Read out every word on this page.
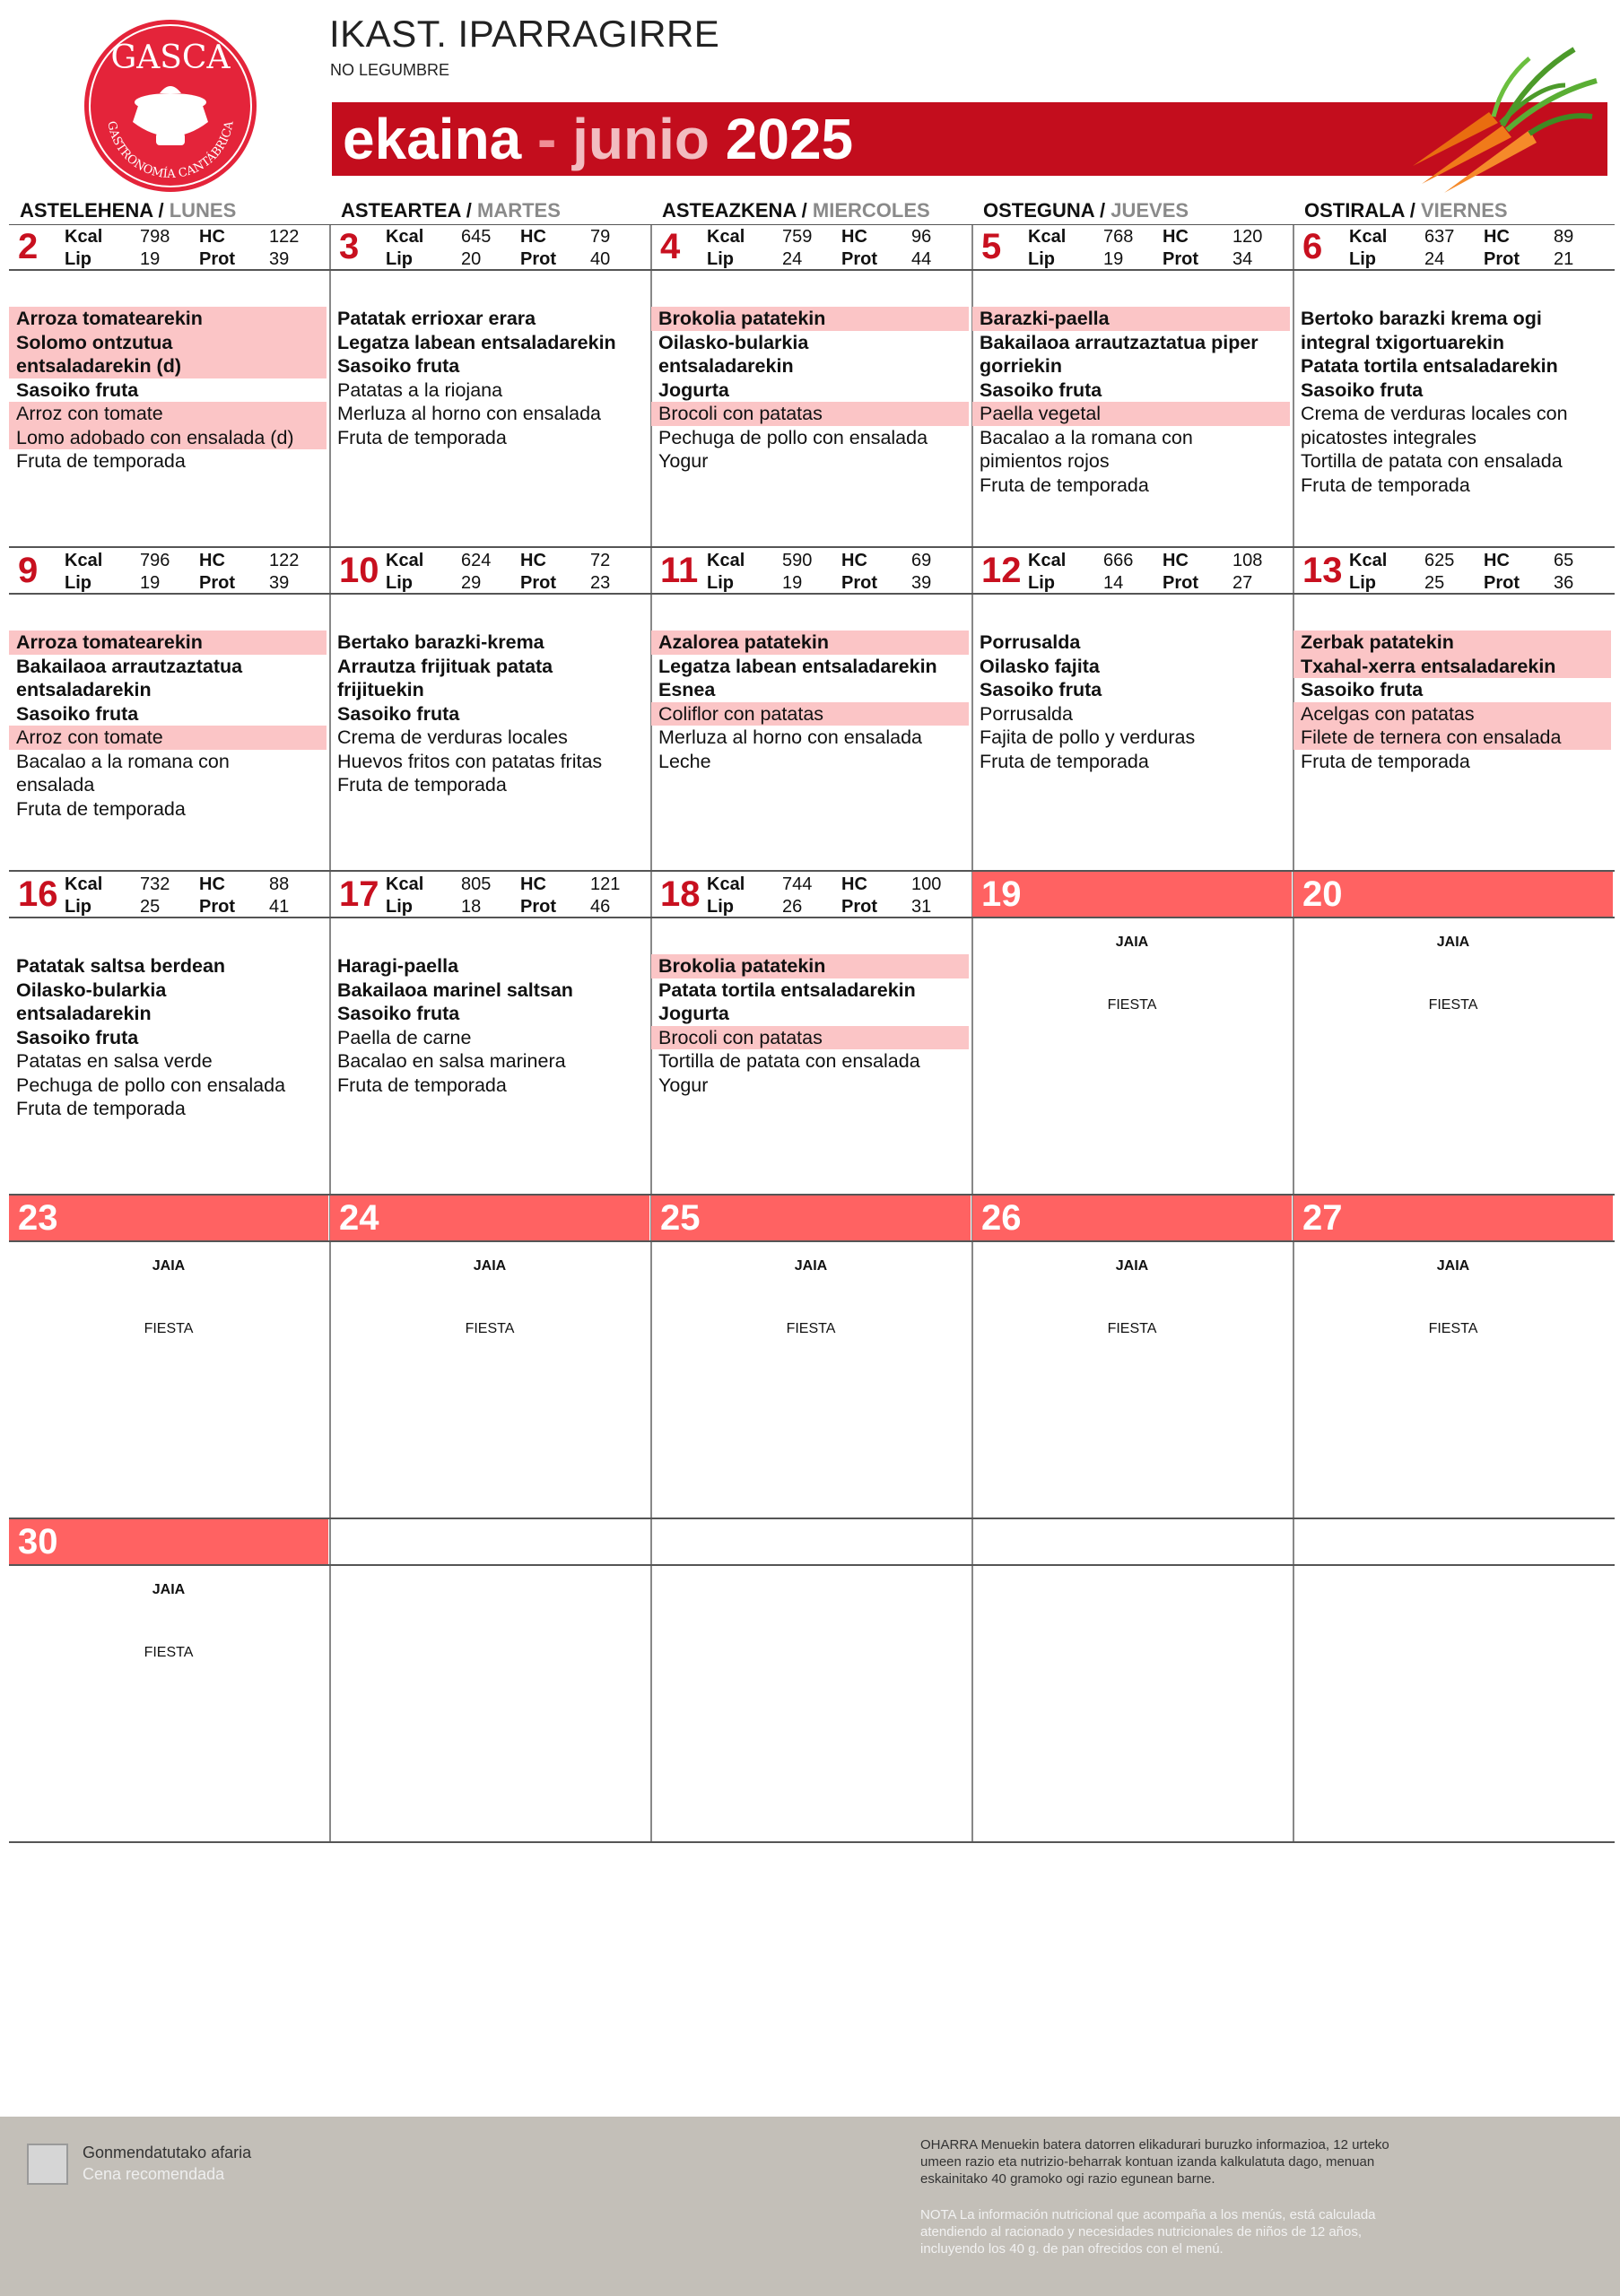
GASCA
GASTRONOMÍA CANTÁBRICA
IKAST. IPARRAGIRRE
NO LEGUMBRE
ekaina - junio 2025
ASTELEHENA / LUNES	ASTEARTEA / MARTES	ASTEAZKENA / MIERCOLES	OSTEGUNA / JUEVES	OSTIRALA / VIERNES
2 Kcal 798 HC 122
Lip	19 Prot 39
Arroza tomatearekin
Solomo ontzutua
entsaladarekin (d)
Sasoiko fruta
Arroz con tomate
Lomo adobado con ensalada (d)
Fruta de temporada
3 Kcal 645 HC 79
Lip	20 Prot 40
Patatak errioxar erara
Legatza labean entsaladarekin
Sasoiko fruta
Patatas a la riojana
Merluza al horno con ensalada
Fruta de temporada
4 Kcal 759 HC 96
Lip	24 Prot 44
Brokolia patatekin
Oilasko-bularkia
entsaladarekin
Jogurta
Brocoli con patatas
Pechuga de pollo con ensalada
Yogur
5 Kcal 768 HC 120
Lip	19 Prot 34
Barazki-paella
Bakailaoa arrautzaztatua piper
gorriekin
Sasoiko fruta
Paella vegetal
Bacalao a la romana con
pimientos rojos
Fruta de temporada
6 Kcal 637 HC 89
Lip	24 Prot 21
Bertoko barazki krema ogi
integral txigortuarekin
Patata tortila entsaladarekin
Sasoiko fruta
Crema de verduras locales con
picatostes integrales
Tortilla de patata con ensalada
Fruta de temporada
9 Kcal 796 HC 122
Lip	19 Prot 39
Arroza tomatearekin
Bakailaoa arrautzaztatua
entsaladarekin
Sasoiko fruta
Arroz con tomate
Bacalao a la romana con
ensalada
Fruta de temporada
10 Kcal 624 HC 72
Lip	29 Prot 23
Bertako barazki-krema
Arrautza frijituak patata
frijituekin
Sasoiko fruta
Crema de verduras locales
Huevos fritos con patatas fritas
Fruta de temporada
11 Kcal 590 HC 69
Lip	19 Prot 39
Azalorea patatekin
Legatza labean entsaladarekin
Esnea
Coliflor con patatas
Merluza al horno con ensalada
Leche
12 Kcal 666 HC 108
Lip	14 Prot 27
Porrusalda
Oilasko fajita
Sasoiko fruta
Porrusalda
Fajita de pollo y verduras
Fruta de temporada
13 Kcal 625 HC 65
Lip	25 Prot 36
Zerbak patatekin
Txahal-xerra entsaladarekin
Sasoiko fruta
Acelgas con patatas
Filete de ternera con ensalada
Fruta de temporada
16 Kcal 732 HC 88
Lip	25 Prot 41
Patatak saltsa berdean
Oilasko-bularkia
entsaladarekin
Sasoiko fruta
Patatas en salsa verde
Pechuga de pollo con ensalada
Fruta de temporada
17 Kcal 805 HC 121
Lip	18 Prot 46
Haragi-paella
Bakailaoa marinel saltsan
Sasoiko fruta
Paella de carne
Bacalao en salsa marinera
Fruta de temporada
18 Kcal 744 HC 100
Lip	26 Prot 31
Brokolia patatekin
Patata tortila entsaladarekin
Jogurta
Brocoli con patatas
Tortilla de patata con ensalada
Yogur
19
JAIA
FIESTA
20
JAIA
FIESTA
23
JAIA
FIESTA
24
JAIA
FIESTA
25
JAIA
FIESTA
26
JAIA
FIESTA
27
JAIA
FIESTA
30
JAIA
FIESTA
Gonmendatutako afaria
Cena recomendada
OHARRA Menuekin batera datorren elikadurari buruzko informazioa, 12 urteko umeen razio eta nutrizio-beharrak kontuan izanda kalkulatuta dago, menuan eskainitako 40 gramoko ogi razio egunean barne.
NOTA La información nutricional que acompaña a los menús, está calculada atendiendo al racionado y necesidades nutricionales de niños de 12 años, incluyendo los 40 g. de pan ofrecidos con el menú.
